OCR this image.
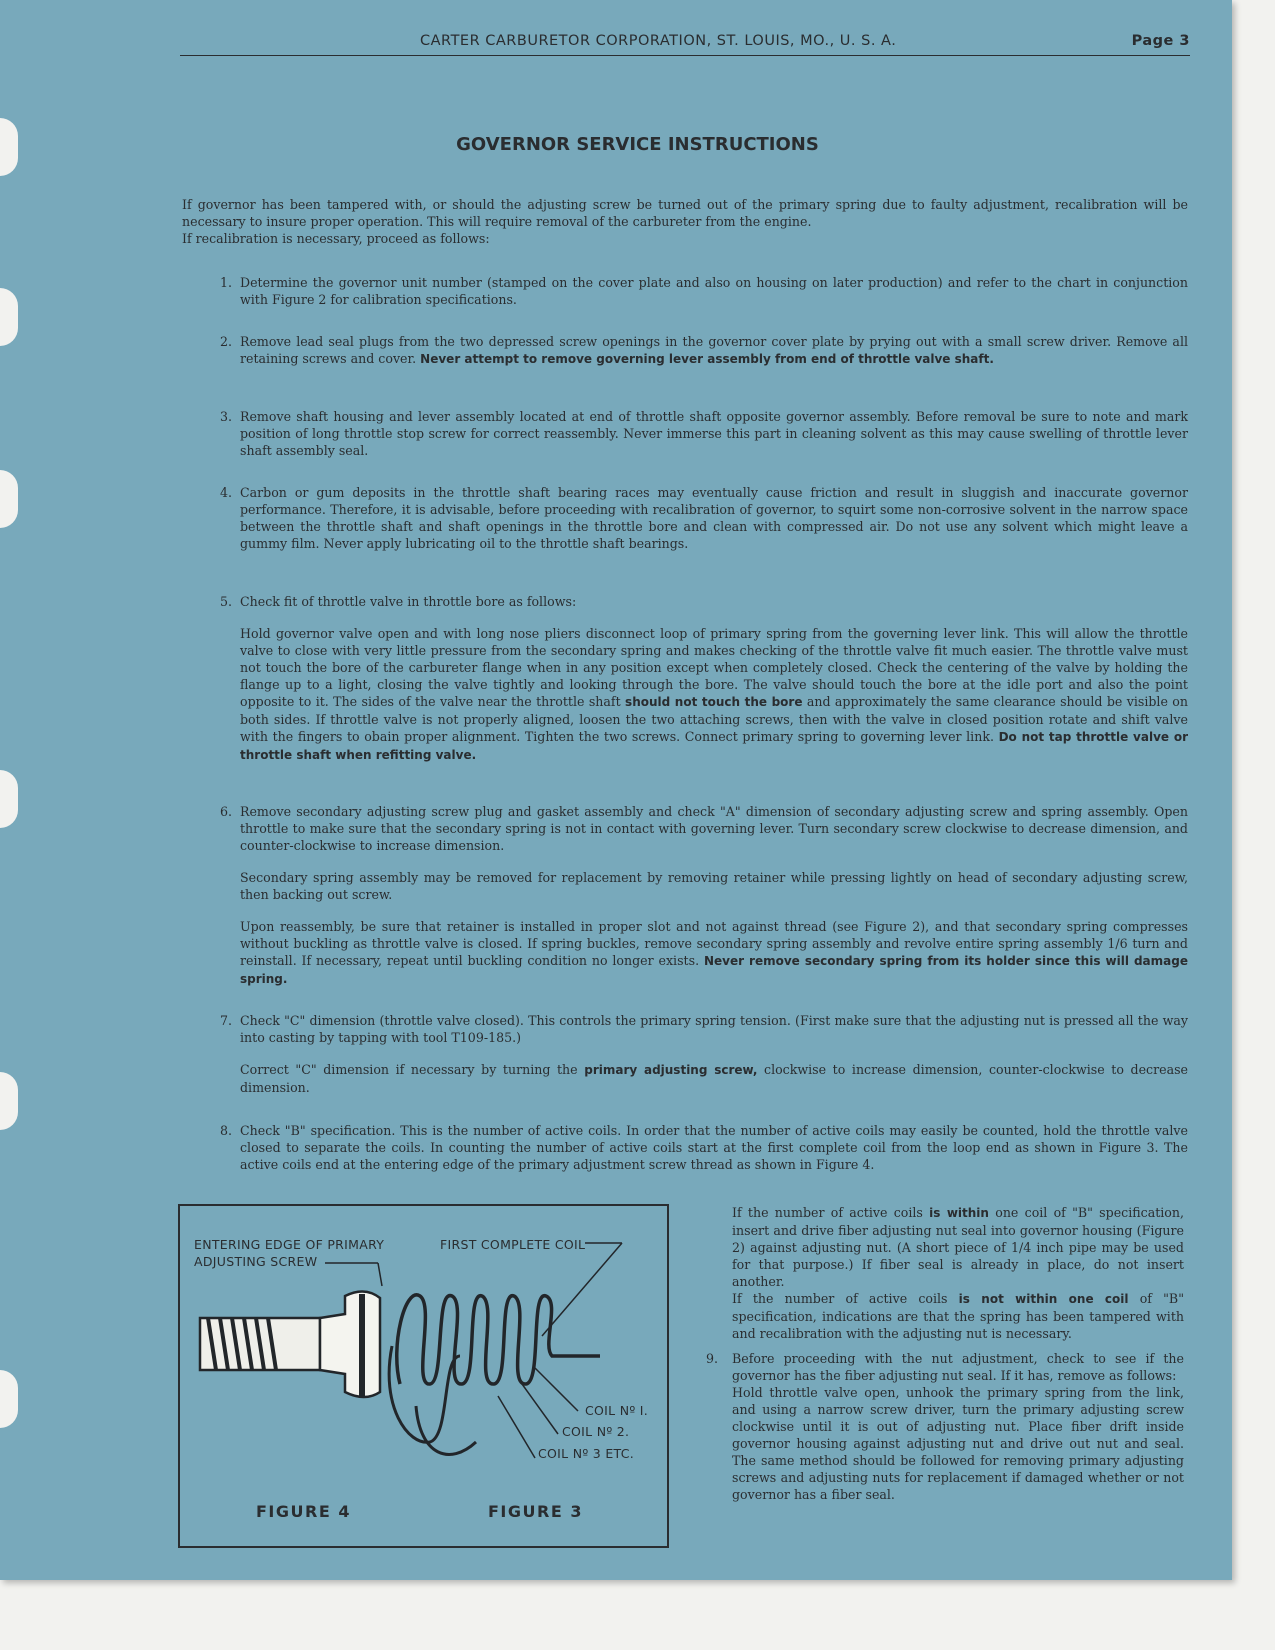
CARTER CARBURETOR CORPORATION, ST. LOUIS, MO., U. S. A.	Page 3
GOVERNOR SERVICE INSTRUCTIONS
If governor has been tampered with, or should the adjusting screw be turned out of the primary spring due to faulty adjustment, recalibration will be necessary to insure proper operation. This will require removal of the carbureter from the engine.
If recalibration is necessary, proceed as follows:
1. Determine the governor unit number (stamped on the cover plate and also on housing on later production) and refer to the chart in conjunction with Figure 2 for calibration specifications.
2. Remove lead seal plugs from the two depressed screw openings in the governor cover plate by prying out with a small screw driver. Remove all retaining screws and cover. Never attempt to remove governing lever assembly from end of throttle valve shaft.
3. Remove shaft housing and lever assembly located at end of throttle shaft opposite governor assembly. Before removal be sure to note and mark position of long throttle stop screw for correct reassembly. Never immerse this part in cleaning solvent as this may cause swelling of throttle lever shaft assembly seal.
4. Carbon or gum deposits in the throttle shaft bearing races may eventually cause friction and result in sluggish and inaccurate governor performance. Therefore, it is advisable, before proceeding with recalibration of governor, to squirt some non-corrosive solvent in the narrow space between the throttle shaft and shaft openings in the throttle bore and clean with compressed air. Do not use any solvent which might leave a gummy film. Never apply lubricating oil to the throttle shaft bearings.
5. Check fit of throttle valve in throttle bore as follows:
Hold governor valve open and with long nose pliers disconnect loop of primary spring from the governing lever link. This will allow the throttle valve to close with very little pressure from the secondary spring and makes checking of the throttle valve fit much easier. The throttle valve must not touch the bore of the carbureter flange when in any position except when completely closed. Check the centering of the valve by holding the flange up to a light, closing the valve tightly and looking through the bore. The valve should touch the bore at the idle port and also the point opposite to it. The sides of the valve near the throttle shaft should not touch the bore and approximately the same clearance should be visible on both sides. If throttle valve is not properly aligned, loosen the two attaching screws, then with the valve in closed position rotate and shift valve with the fingers to obain proper alignment. Tighten the two screws. Connect primary spring to governing lever link. Do not tap throttle valve or throttle shaft when refitting valve.
6. Remove secondary adjusting screw plug and gasket assembly and check "A" dimension of secondary adjusting screw and spring assembly. Open throttle to make sure that the secondary spring is not in contact with governing lever. Turn secondary screw clockwise to decrease dimension, and counter-clockwise to increase dimension.
Secondary spring assembly may be removed for replacement by removing retainer while pressing lightly on head of secondary adjusting screw, then backing out screw.
Upon reassembly, be sure that retainer is installed in proper slot and not against thread (see Figure 2), and that secondary spring compresses without buckling as throttle valve is closed. If spring buckles, remove secondary spring assembly and revolve entire spring assembly 1/6 turn and reinstall. If necessary, repeat until buckling condition no longer exists. Never remove secondary spring from its holder since this will damage spring.
7. Check "C" dimension (throttle valve closed). This controls the primary spring tension. (First make sure that the adjusting nut is pressed all the way into casting by tapping with tool T109-185.)
Correct "C" dimension if necessary by turning the primary adjusting screw, clockwise to increase dimension, counter-clockwise to decrease dimension.
8. Check "B" specification. This is the number of active coils. In order that the number of active coils may easily be counted, hold the throttle valve closed to separate the coils. In counting the number of active coils start at the first complete coil from the loop end as shown in Figure 3. The active coils end at the entering edge of the primary adjustment screw thread as shown in Figure 4.
ENTERING EDGE OF PRIMARY
ADJUSTING SCREW
FIRST COMPLETE COIL
COIL Nº I.
COIL Nº 2.
COIL Nº 3 ETC.
FIGURE 4	FIGURE 3
If the number of active coils is within one coil of "B" specification, insert and drive fiber adjusting nut seal into governor housing (Figure 2) against adjusting nut. (A short piece of 1/4 inch pipe may be used for that purpose.) If fiber seal is already in place, do not insert another.
If the number of active coils is not within one coil of "B" specification, indications are that the spring has been tampered with and recalibration with the adjusting nut is necessary.
9. Before proceeding with the nut adjustment, check to see if the governor has the fiber adjusting nut seal. If it has, remove as follows:
Hold throttle valve open, unhook the primary spring from the link, and using a narrow screw driver, turn the primary adjusting screw clockwise until it is out of adjusting nut. Place fiber drift inside governor housing against adjusting nut and drive out nut and seal. The same method should be followed for removing primary adjusting screws and adjusting nuts for replacement if damaged whether or not governor has a fiber seal.
